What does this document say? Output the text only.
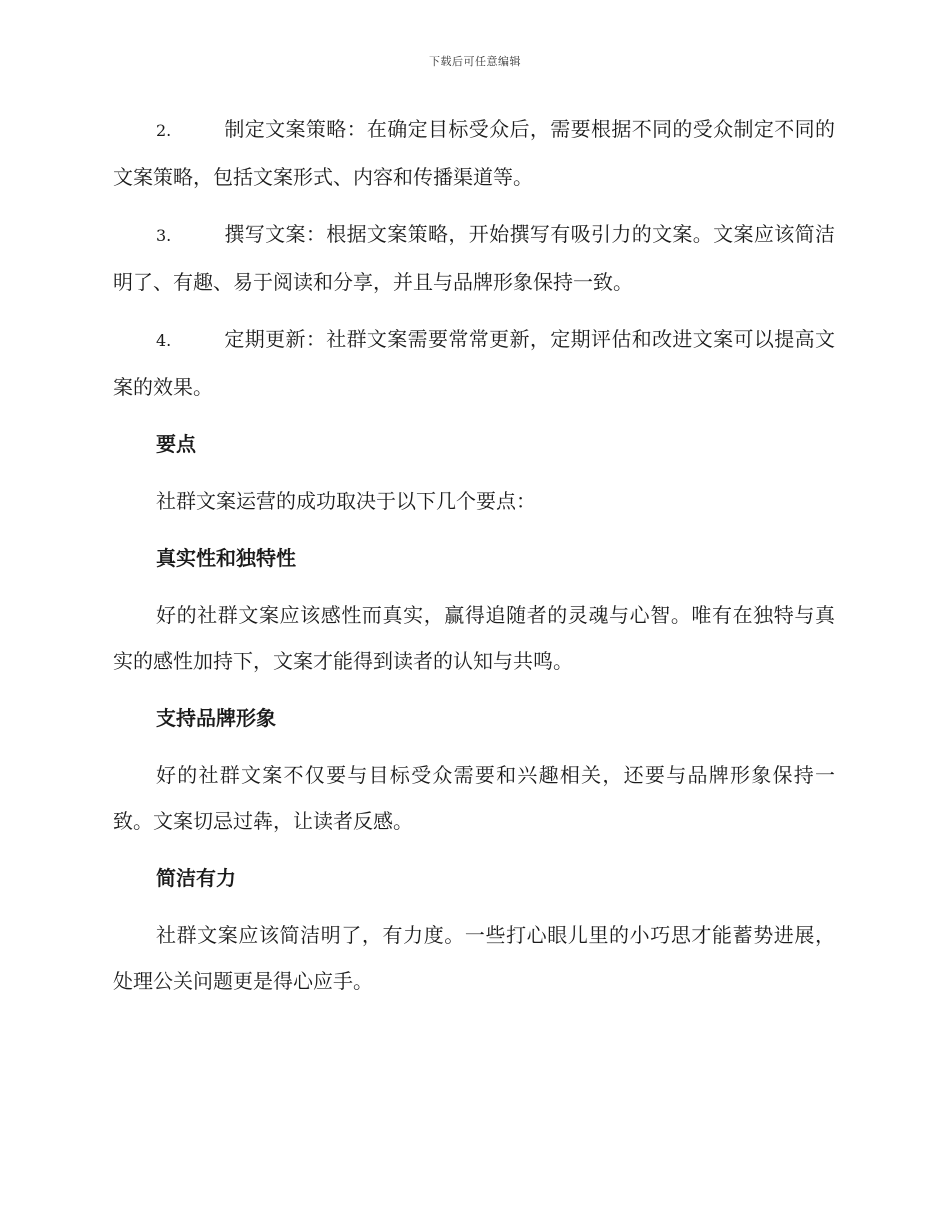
下载后可任意编辑

2.	制定文案策略：在确定目标受众后，需要根据不同的受众制定不同的文案策略，包括文案形式、内容和传播渠道等。

3.	撰写文案：根据文案策略，开始撰写有吸引力的文案。文案应该简洁明了、有趣、易于阅读和分享，并且与品牌形象保持一致。

4.	定期更新：社群文案需要常常更新，定期评估和改进文案可以提高文案的效果。

要点

社群文案运营的成功取决于以下几个要点：

真实性和独特性

好的社群文案应该感性而真实，赢得追随者的灵魂与心智。唯有在独特与真实的感性加持下，文案才能得到读者的认知与共鸣。

支持品牌形象

好的社群文案不仅要与目标受众需要和兴趣相关，还要与品牌形象保持一致。文案切忌过犇，让读者反感。

简洁有力

社群文案应该简洁明了，有力度。一些打心眼儿里的小巧思才能蓄势进展，处理公关问题更是得心应手。
